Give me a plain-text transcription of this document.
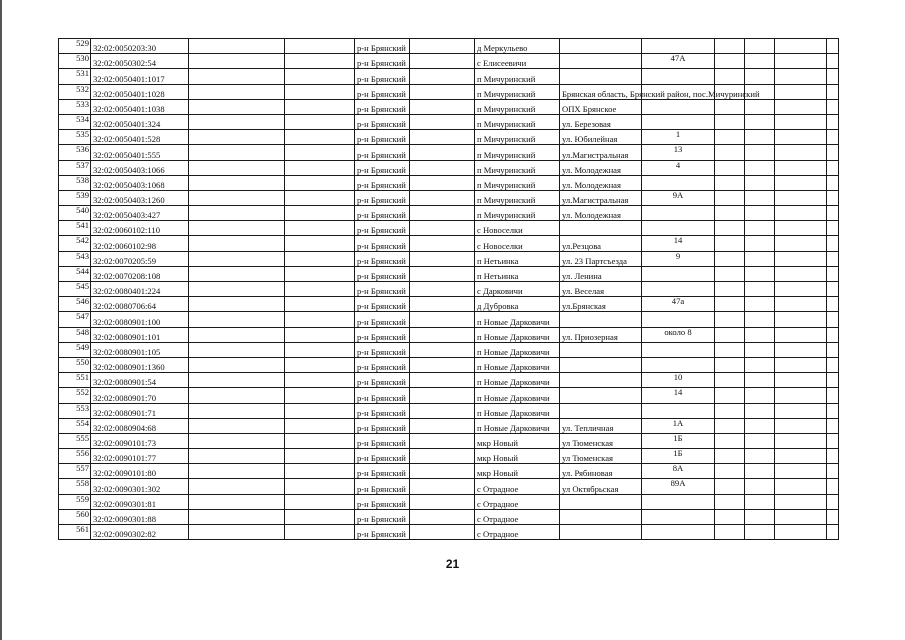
529	32:02:0050203:30			р-н Брянский		д Меркульево						
530	32:02:0050302:54			р-н Брянский		с Елисеевичи		47А				
531	32:02:0050401:1017			р-н Брянский		п Мичуринский						
532	32:02:0050401:1028			р-н Брянский		п Мичуринский	Брянская область, Брянский район, пос.Мичуринский					
533	32:02:0050401:1038			р-н Брянский		п Мичуринский	ОПХ Брянское					
534	32:02:0050401:324			р-н Брянский		п Мичуринский	ул. Березовая					
535	32:02:0050401:528			р-н Брянский		п Мичуринский	ул. Юбилейная	1				
536	32:02:0050401:555			р-н Брянский		п Мичуринский	ул.Магистральная	13				
537	32:02:0050403:1066			р-н Брянский		п Мичуринский	ул. Молодежная	4				
538	32:02:0050403:1068			р-н Брянский		п Мичуринский	ул. Молодежная					
539	32:02:0050403:1260			р-н Брянский		п Мичуринский	ул.Магистральная	9А				
540	32:02:0050403:427			р-н Брянский		п Мичуринский	ул. Молодежная					
541	32:02:0060102:110			р-н Брянский		с Новоселки						
542	32:02:0060102:98			р-н Брянский		с Новоселки	ул.Резцова	14				
543	32:02:0070205:59			р-н Брянский		п Нетьинка	ул. 23 Партсъезда	9				
544	32:02:0070208:108			р-н Брянский		п Нетьинка	ул. Ленина					
545	32:02:0080401:224			р-н Брянский		с Дарковичи	ул. Веселая					
546	32:02:0080706:64			р-н Брянский		д Дубровка	ул.Брянская	47а				
547	32:02:0080901:100			р-н Брянский		п Новые Дарковичи						
548	32:02:0080901:101			р-н Брянский		п Новые Дарковичи	ул. Приозерная	около 8				
549	32:02:0080901:105			р-н Брянский		п Новые Дарковичи						
550	32:02:0080901:1360			р-н Брянский		п Новые Дарковичи						
551	32:02:0080901:54			р-н Брянский		п Новые Дарковичи		10				
552	32:02:0080901:70			р-н Брянский		п Новые Дарковичи		14				
553	32:02:0080901:71			р-н Брянский		п Новые Дарковичи						
554	32:02:0080904:68			р-н Брянский		п Новые Дарковичи	ул. Тепличная	1А				
555	32:02:0090101:73			р-н Брянский		мкр Новый	ул Тюменская	1Б				
556	32:02:0090101:77			р-н Брянский		мкр Новый	ул Тюменская	1Б				
557	32:02:0090101:80			р-н Брянский		мкр Новый	ул. Рябиновая	8А				
558	32:02:0090301:302			р-н Брянский		с Отрадное	ул Октябрьская	89А				
559	32:02:0090301:81			р-н Брянский		с Отрадное						
560	32:02:0090301:88			р-н Брянский		с Отрадное						
561	32:02:0090302:82			р-н Брянский		с Отрадное						
21
